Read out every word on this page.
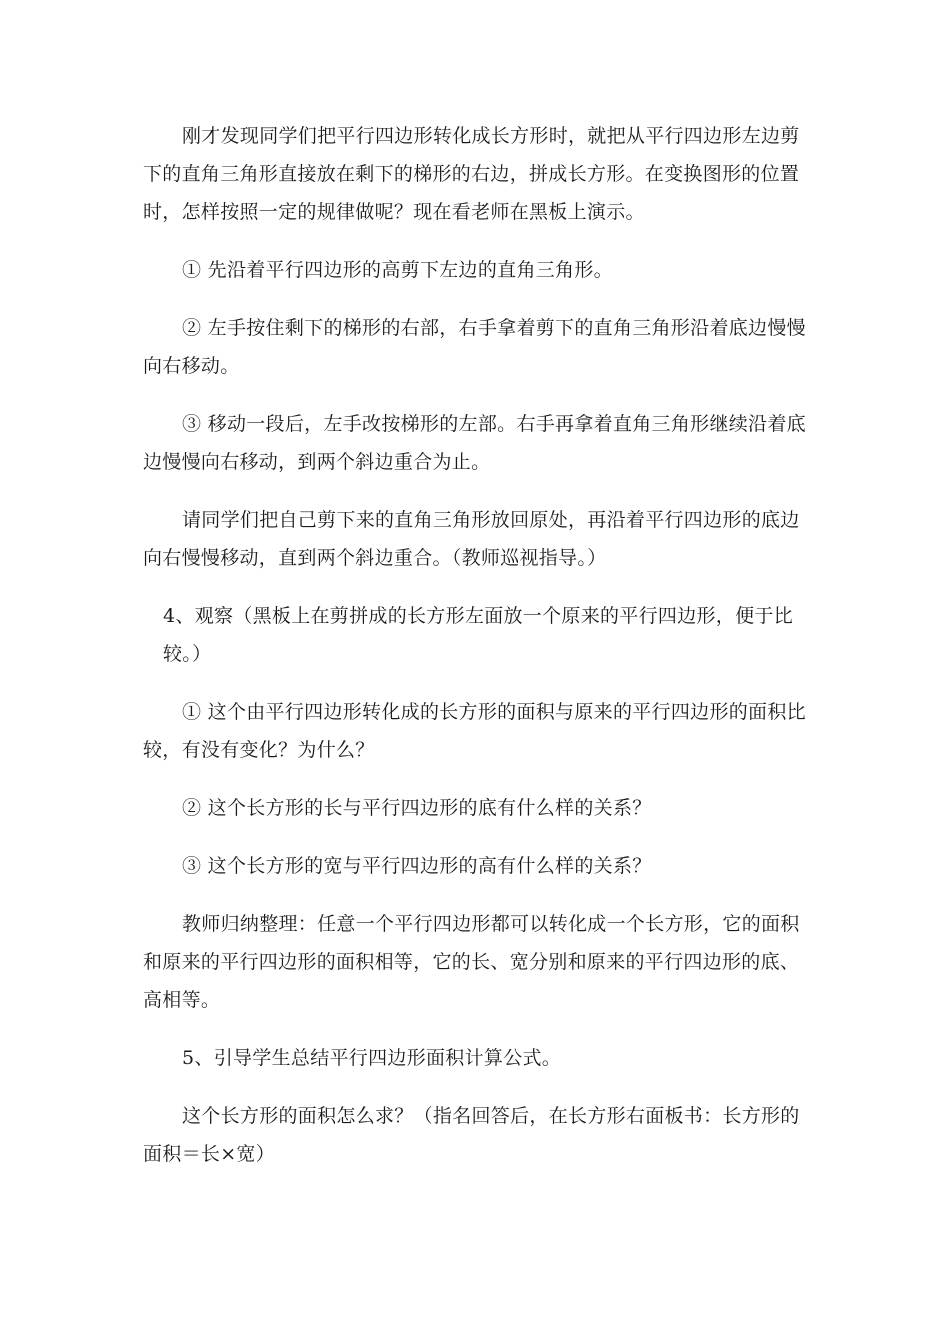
刚才发现同学们把平行四边形转化成长方形时，就把从平行四边形左边剪
下的直角三角形直接放在剩下的梯形的右边，拼成长方形。在变换图形的位置
时，怎样按照一定的规律做呢？现在看老师在黑板上演示。
① 先沿着平行四边形的高剪下左边的直角三角形。
② 左手按住剩下的梯形的右部，右手拿着剪下的直角三角形沿着底边慢慢
向右移动。
③ 移动一段后，左手改按梯形的左部。右手再拿着直角三角形继续沿着底
边慢慢向右移动，到两个斜边重合为止。
请同学们把自己剪下来的直角三角形放回原处，再沿着平行四边形的底边
向右慢慢移动，直到两个斜边重合。（教师巡视指导。）
4、观察（黑板上在剪拼成的长方形左面放一个原来的平行四边形，便于比
较。）
① 这个由平行四边形转化成的长方形的面积与原来的平行四边形的面积比
较，有没有变化？为什么？
② 这个长方形的长与平行四边形的底有什么样的关系？
③ 这个长方形的宽与平行四边形的高有什么样的关系？
教师归纳整理：任意一个平行四边形都可以转化成一个长方形，它的面积
和原来的平行四边形的面积相等，它的长、宽分别和原来的平行四边形的底、
高相等。
5、引导学生总结平行四边形面积计算公式。
这个长方形的面积怎么求？（指名回答后，在长方形右面板书：长方形的
面积＝长×宽）
